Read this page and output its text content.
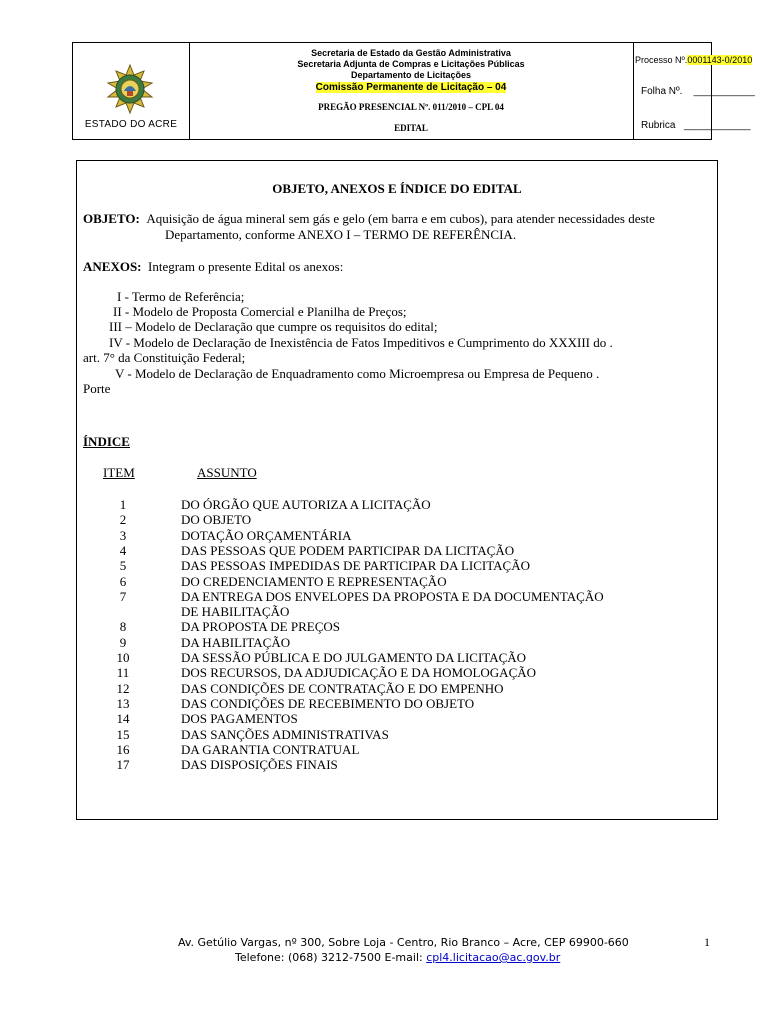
ESTADO DO ACRE
Secretaria de Estado da Gestão Administrativa
Secretaria Adjunta de Compras e Licitações Públicas
Departamento de Licitações
Comissão Permanente de Licitação – 04
PREGÃO PRESENCIAL Nº. 011/2010 – CPL 04
EDITAL
Processo Nº.0001143-0/2010
Folha Nº. ___________
Rubrica ____________
OBJETO, ANEXOS E ÍNDICE DO EDITAL
OBJETO: Aquisição de água mineral sem gás e gelo (em barra e em cubos), para atender necessidades deste
Departamento, conforme ANEXO I – TERMO DE REFERÊNCIA.
ANEXOS: Integram o presente Edital os anexos:
I - Termo de Referência;
II - Modelo de Proposta Comercial e Planilha de Preços;
III – Modelo de Declaração que cumpre os requisitos do edital;
IV - Modelo de Declaração de Inexistência de Fatos Impeditivos e Cumprimento do XXXIII do .
art. 7° da Constituição Federal;
V - Modelo de Declaração de Enquadramento como Microempresa ou Empresa de Pequeno .
Porte
ÍNDICE
ITEM	ASSUNTO
1	DO ÓRGÃO QUE AUTORIZA A LICITAÇÃO
2	DO OBJETO
3	DOTAÇÃO ORÇAMENTÁRIA
4	DAS PESSOAS QUE PODEM PARTICIPAR DA LICITAÇÃO
5	DAS PESSOAS IMPEDIDAS DE PARTICIPAR DA LICITAÇÃO
6	DO CREDENCIAMENTO E REPRESENTAÇÃO
7	DA ENTREGA DOS ENVELOPES DA PROPOSTA E DA DOCUMENTAÇÃO
DE HABILITAÇÃO
8	DA PROPOSTA DE PREÇOS
9	DA HABILITAÇÃO
10	DA SESSÃO PÚBLICA E DO JULGAMENTO DA LICITAÇÃO
11	DOS RECURSOS, DA ADJUDICAÇÃO E DA HOMOLOGAÇÃO
12	DAS CONDIÇÕES DE CONTRATAÇÃO E DO EMPENHO
13	DAS CONDIÇÕES DE RECEBIMENTO DO OBJETO
14	DOS PAGAMENTOS
15	DAS SANÇÕES ADMINISTRATIVAS
16	DA GARANTIA CONTRATUAL
17	DAS DISPOSIÇÕES FINAIS
Av. Getúlio Vargas, nº 300, Sobre Loja - Centro, Rio Branco – Acre, CEP 69900-660
Telefone: (068) 3212-7500 E-mail: cpl4.licitacao@ac.gov.br
1
